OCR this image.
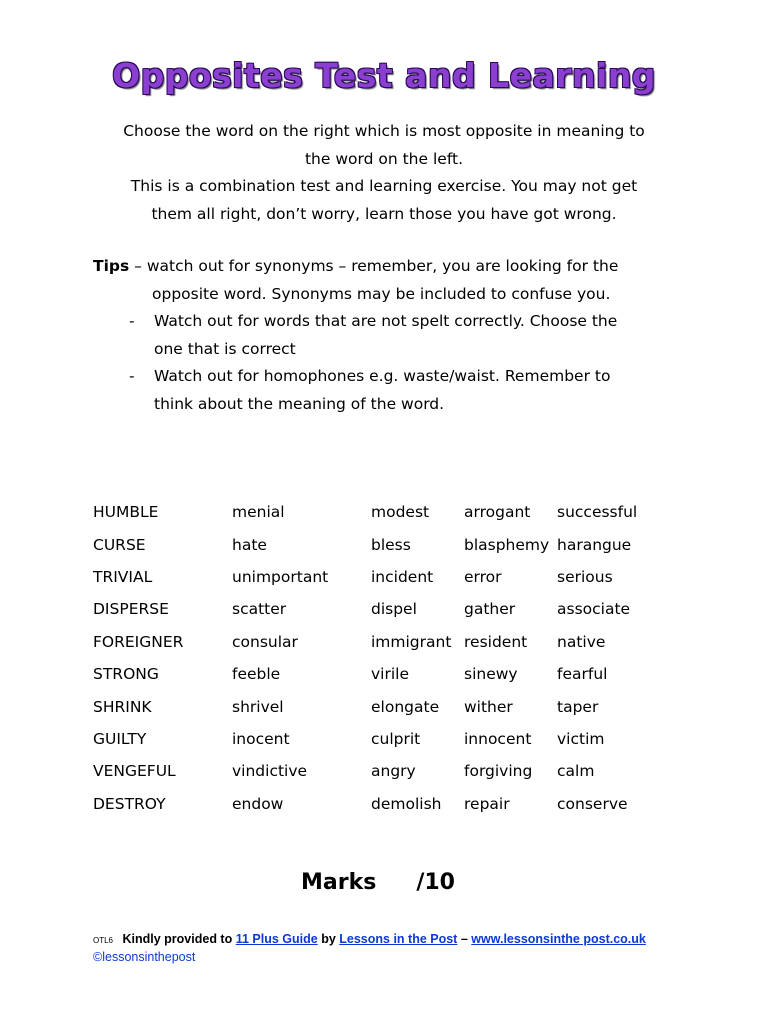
Opposites Test and Learning

Choose the word on the right which is most opposite in meaning to

the word on the left.

This is a combination test and learning exercise. You may not get

them all right, don’t worry, learn those you have got wrong.

Tips – watch out for synonyms – remember, you are looking for the

opposite word. Synonyms may be included to confuse you.

- Watch out for words that are not spelt correctly. Choose the
one that is correct
- Watch out for homophones e.g. waste/waist. Remember to
think about the meaning of the word.
HUMBLE	menial	modest	arrogant	successful
CURSE	hate	bless	blasphemy	harangue
TRIVIAL	unimportant	incident	error	serious
DISPERSE	scatter	dispel	gather	associate
FOREIGNER	consular	immigrant	resident	native
STRONG	feeble	virile	sinewy	fearful
SHRINK	shrivel	elongate	wither	taper
GUILTY	inocent	culprit	innocent	victim
VENGEFUL	vindictive	angry	forgiving	calm
DESTROY	endow	demolish	repair	conserve
Marks /10
OTL6 Kindly provided to 11 Plus Guide by Lessons in the Post – www.lessonsinthe post.co.uk
©lessonsinthepost
